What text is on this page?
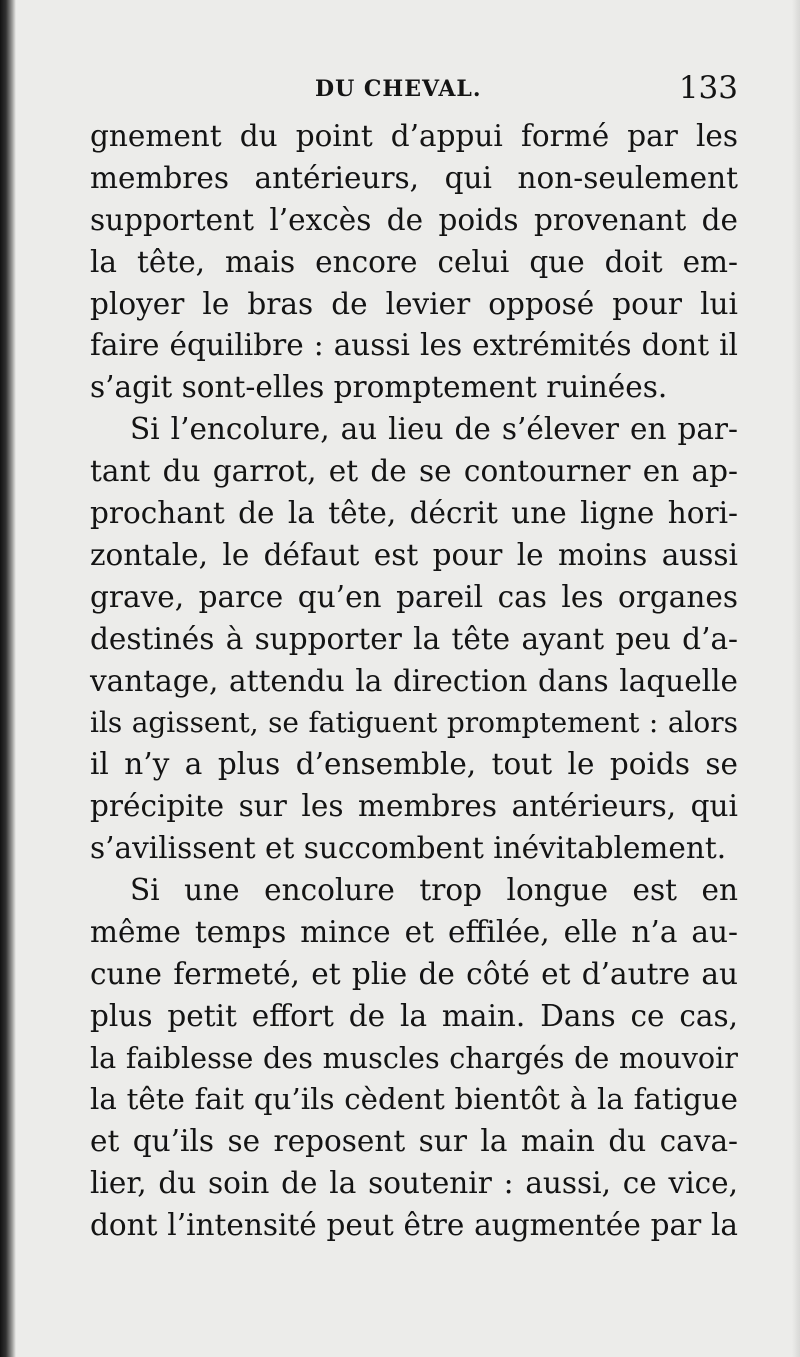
DU CHEVAL.	133
gnement du point d’appui formé par les
membres antérieurs, qui non-seulement
supportent l’excès de poids provenant de
la tête, mais encore celui que doit em-
ployer le bras de levier opposé pour lui
faire équilibre : aussi les extrémités dont il
s’agit sont-elles promptement ruinées.
Si l’encolure, au lieu de s’élever en par-
tant du garrot, et de se contourner en ap-
prochant de la tête, décrit une ligne hori-
zontale, le défaut est pour le moins aussi
grave, parce qu’en pareil cas les organes
destinés à supporter la tête ayant peu d’a-
vantage, attendu la direction dans laquelle
ils agissent, se fatiguent promptement : alors
il n’y a plus d’ensemble, tout le poids se
précipite sur les membres antérieurs, qui
s’avilissent et succombent inévitablement.
Si une encolure trop longue est en
même temps mince et effilée, elle n’a au-
cune fermeté, et plie de côté et d’autre au
plus petit effort de la main. Dans ce cas,
la faiblesse des muscles chargés de mouvoir
la tête fait qu’ils cèdent bientôt à la fatigue
et qu’ils se reposent sur la main du cava-
lier, du soin de la soutenir : aussi, ce vice,
dont l’intensité peut être augmentée par la
